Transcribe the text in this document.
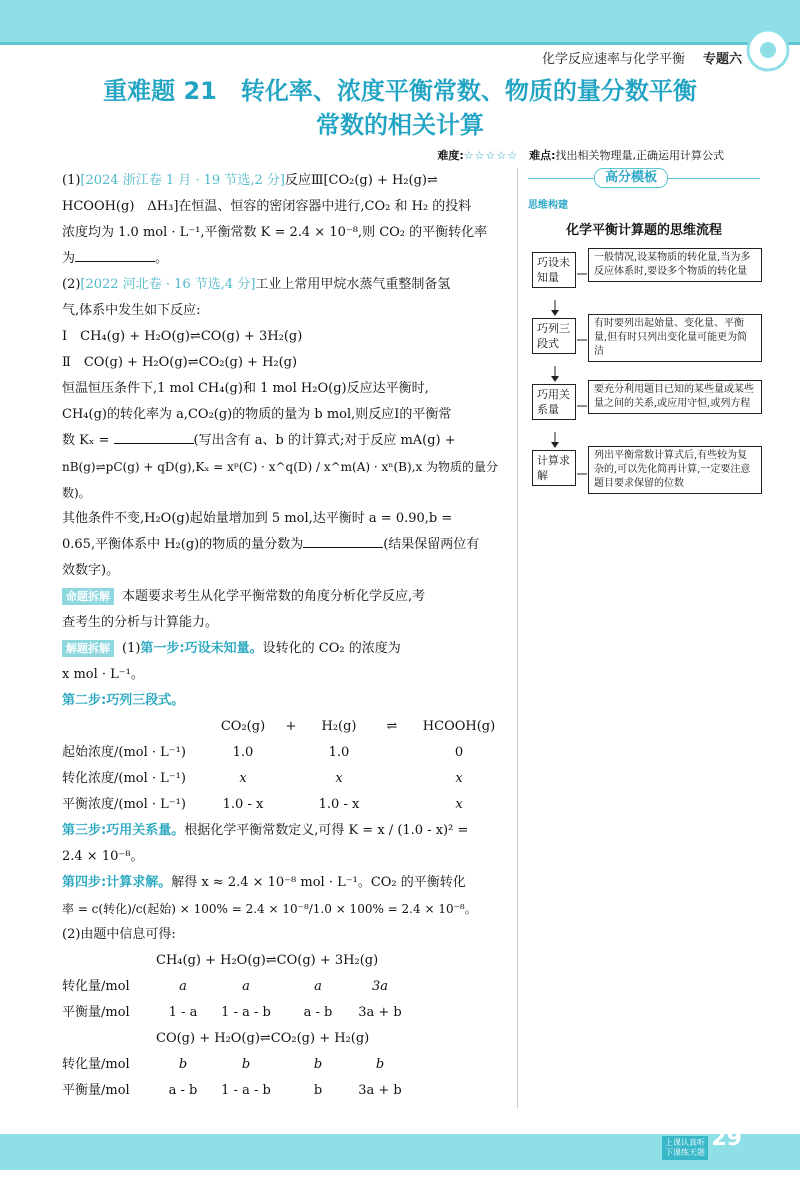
化学反应速率与化学平衡 专题六
重难题 21　转化率、浓度平衡常数、物质的量分数平衡
常数的相关计算
难度:☆☆☆☆☆　 难点:找出相关物理量,正确运用计算公式

(1)[2024 浙江卷 1 月 · 19 节选,2 分]反应Ⅲ[CO₂(g) + H₂(g)⇌

HCOOH(g)　ΔH₃]在恒温、恒容的密闭容器中进行,CO₂ 和 H₂ 的投料

浓度均为 1.0 mol · L⁻¹,平衡常数 K = 2.4 × 10⁻⁸,则 CO₂ 的平衡转化率

为	。

(2)[2022 河北卷 · 16 节选,4 分]工业上常用甲烷水蒸气重整制备氢

气,体系中发生如下反应:

Ⅰ　CH₄(g) + H₂O(g)⇌CO(g) + 3H₂(g)

Ⅱ　CO(g) + H₂O(g)⇌CO₂(g) + H₂(g)

恒温恒压条件下,1 mol CH₄(g)和 1 mol H₂O(g)反应达平衡时,

CH₄(g)的转化率为 a,CO₂(g)的物质的量为 b mol,则反应Ⅰ的平衡常

数 Kₓ =	(写出含有 a、b 的计算式;对于反应 mA(g) +

nB(g)⇌pC(g) + qD(g),Kₓ = xᵖ(C) · x^q(D) / x^m(A) · xⁿ(B),x 为物质的量分数)。

其他条件不变,H₂O(g)起始量增加到 5 mol,达平衡时 a = 0.90,b =

0.65,平衡体系中 H₂(g)的物质的量分数为	(结果保留两位有

效数字)。

命题拆解 本题要求考生从化学平衡常数的角度分析化学反应,考

查考生的分析与计算能力。

解题拆解 (1)第一步:巧设未知量。设转化的 CO₂ 的浓度为

x mol · L⁻¹。

第二步:巧列三段式。

	CO₂(g)	+	H₂(g)	⇌	HCOOH(g)
起始浓度/(mol · L⁻¹)	1.0		1.0		0
转化浓度/(mol · L⁻¹)	x		x		x
平衡浓度/(mol · L⁻¹)	1.0 - x		1.0 - x		x

第三步:巧用关系量。根据化学平衡常数定义,可得 K = x / (1.0 - x)² =

2.4 × 10⁻⁸。

第四步:计算求解。解得 x ≈ 2.4 × 10⁻⁸ mol · L⁻¹。CO₂ 的平衡转化

率 = c(转化)/c(起始) × 100% = 2.4 × 10⁻⁸/1.0 × 100% = 2.4 × 10⁻⁸。

(2)由题中信息可得:

CH₄(g) + H₂O(g)⇌CO(g) + 3H₂(g)

转化量/mol	a	a	a	3a
平衡量/mol	1 - a	1 - a - b	a - b	3a + b

CO(g) + H₂O(g)⇌CO₂(g) + H₂(g)

转化量/mol	b	b	b	b
平衡量/mol	a - b	1 - a - b	b	3a + b
高分模板
思维构建
化学平衡计算题的思维流程
巧设未知量
一般情况,设某物质的转化量,当为多反应体系时,要设多个物质的转化量
巧列三段式
有时要列出起始量、变化量、平衡量,但有时只列出变化量可能更为简洁
巧用关系量
要充分利用题目已知的某些量或某些量之间的关系,或应用守恒,或列方程
计算求解
列出平衡常数计算式后,有些较为复杂的,可以先化简再计算,一定要注意题目要求保留的位数
上课认真听
下课练天题
29
